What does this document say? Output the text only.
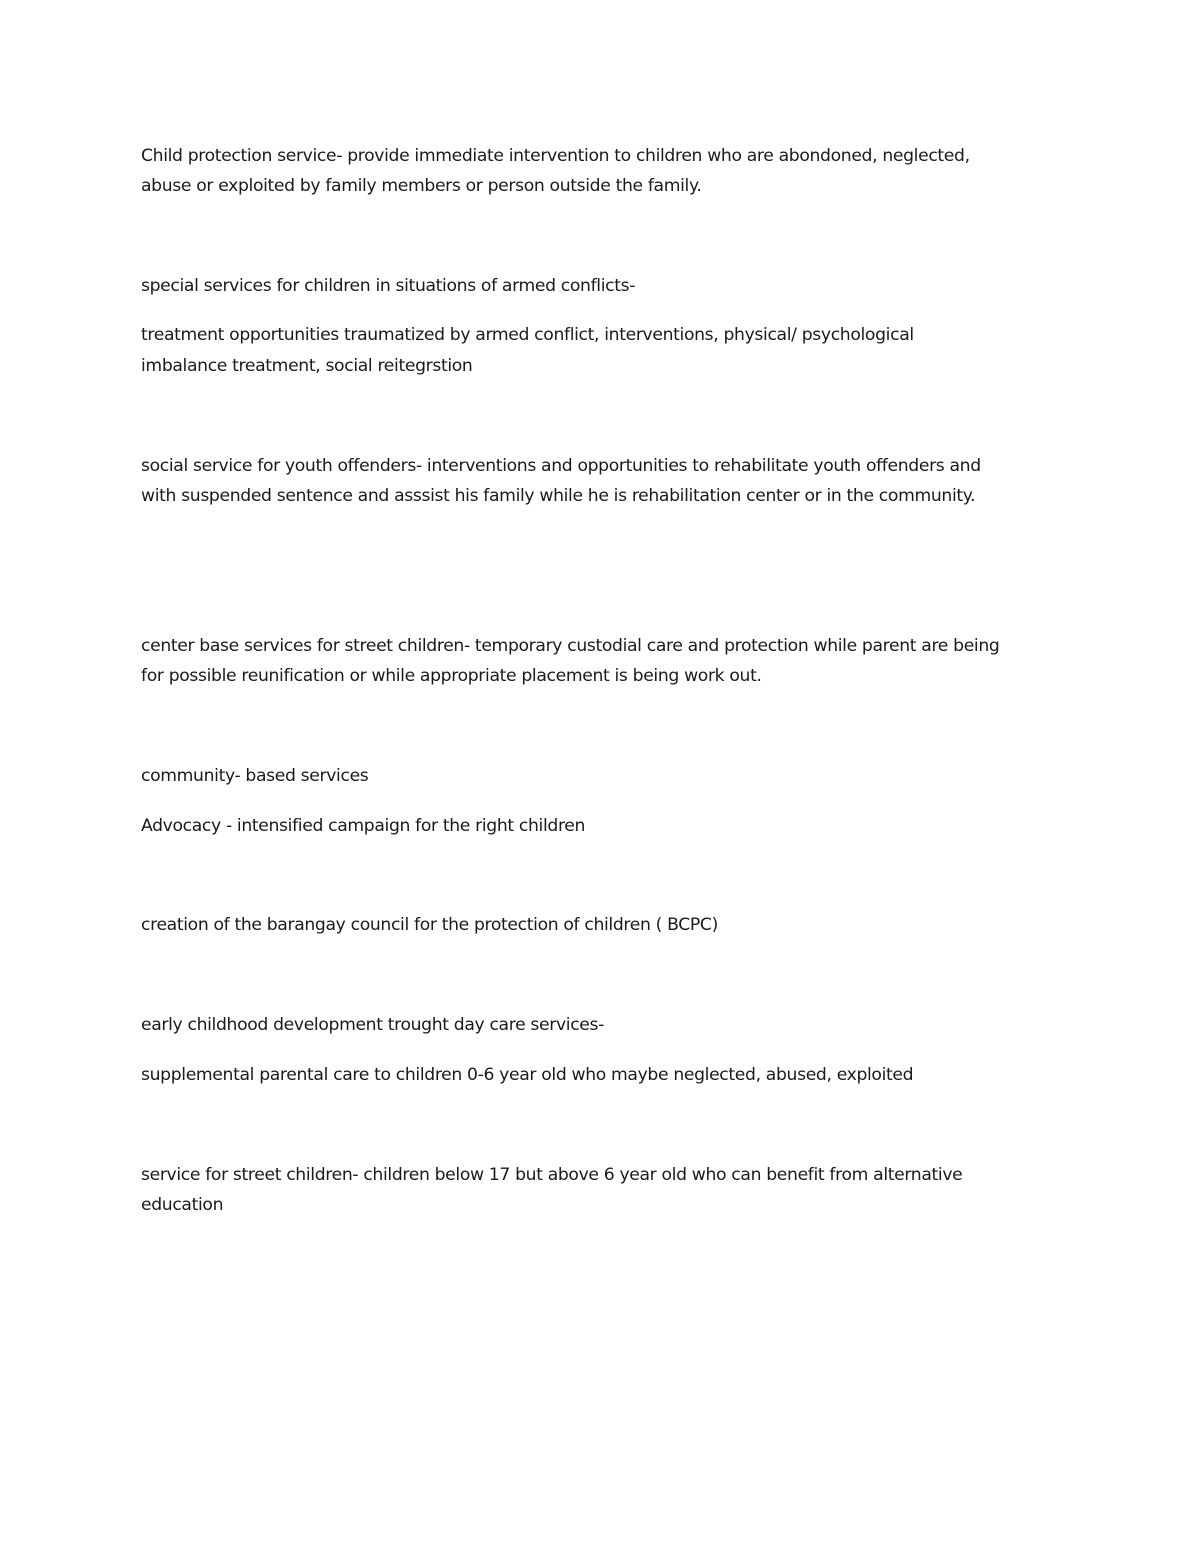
Child protection service- provide immediate intervention to children who are abondoned, neglected,

abuse or exploited by family members or person outside the family.

special services for children in situations of armed conflicts-

treatment opportunities traumatized by armed conflict, interventions, physical/ psychological

imbalance treatment, social reitegrstion

social service for youth offenders- interventions and opportunities to rehabilitate youth offenders and

with suspended sentence and asssist his family while he is rehabilitation center or in the community.

center base services for street children- temporary custodial care and protection while parent are being

for possible reunification or while appropriate placement is being work out.

community- based services

Advocacy - intensified campaign for the right children

creation of the barangay council for the protection of children ( BCPC)

early childhood development trought day care services-

supplemental parental care to children 0-6 year old who maybe neglected, abused, exploited

service for street children- children below 17 but above 6 year old who can benefit from alternative

education
